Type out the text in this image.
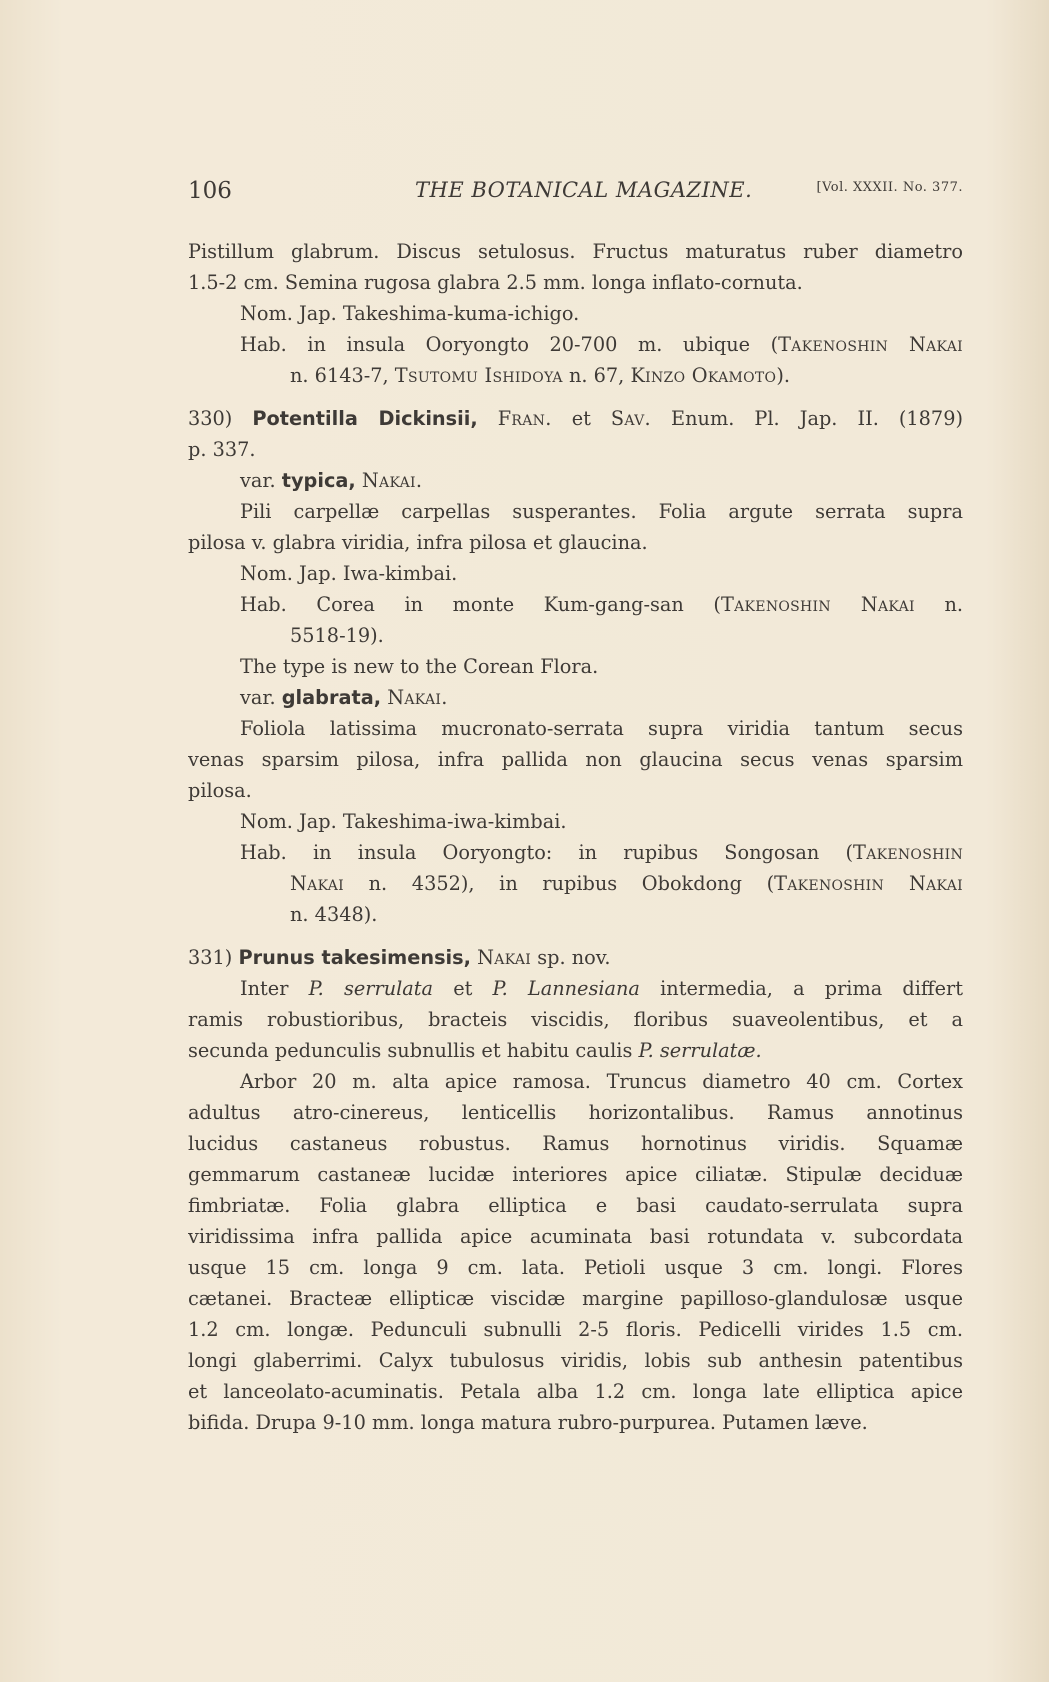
106	THE BOTANICAL MAGAZINE.	[Vol. XXXII. No. 377.
Pistillum glabrum. Discus setulosus. Fructus maturatus ruber diametro
1.5-2 cm. Semina rugosa glabra 2.5 mm. longa inflato-cornuta.
Nom. Jap. Takeshima-kuma-ichigo.
Hab. in insula Ooryongto 20-700 m. ubique (Takenoshin Nakai
n. 6143-7, Tsutomu Ishidoya n. 67, Kinzo Okamoto).
330) Potentilla Dickinsii, Fran. et Sav. Enum. Pl. Jap. II. (1879)
p. 337.
var. typica, Nakai.
Pili carpellæ carpellas susperantes. Folia argute serrata supra
pilosa v. glabra viridia, infra pilosa et glaucina.
Nom. Jap. Iwa-kimbai.
Hab. Corea in monte Kum-gang-san (Takenoshin Nakai n.
5518-19).
The type is new to the Corean Flora.
var. glabrata, Nakai.
Foliola latissima mucronato-serrata supra viridia tantum secus
venas sparsim pilosa, infra pallida non glaucina secus venas sparsim
pilosa.
Nom. Jap. Takeshima-iwa-kimbai.
Hab. in insula Ooryongto: in rupibus Songosan (Takenoshin
Nakai n. 4352), in rupibus Obokdong (Takenoshin Nakai
n. 4348).
331) Prunus takesimensis, Nakai sp. nov.
Inter P. serrulata et P. Lannesiana intermedia, a prima differt
ramis robustioribus, bracteis viscidis, floribus suaveolentibus, et a
secunda pedunculis subnullis et habitu caulis P. serrulatæ.
Arbor 20 m. alta apice ramosa. Truncus diametro 40 cm. Cortex
adultus atro-cinereus, lenticellis horizontalibus. Ramus annotinus
lucidus castaneus robustus. Ramus hornotinus viridis. Squamæ
gemmarum castaneæ lucidæ interiores apice ciliatæ. Stipulæ deciduæ
fimbriatæ. Folia glabra elliptica e basi caudato-serrulata supra
viridissima infra pallida apice acuminata basi rotundata v. subcordata
usque 15 cm. longa 9 cm. lata. Petioli usque 3 cm. longi. Flores
cætanei. Bracteæ ellipticæ viscidæ margine papilloso-glandulosæ usque
1.2 cm. longæ. Pedunculi subnulli 2-5 floris. Pedicelli virides 1.5 cm.
longi glaberrimi. Calyx tubulosus viridis, lobis sub anthesin patentibus
et lanceolato-acuminatis. Petala alba 1.2 cm. longa late elliptica apice
bifida. Drupa 9-10 mm. longa matura rubro-purpurea. Putamen læve.
